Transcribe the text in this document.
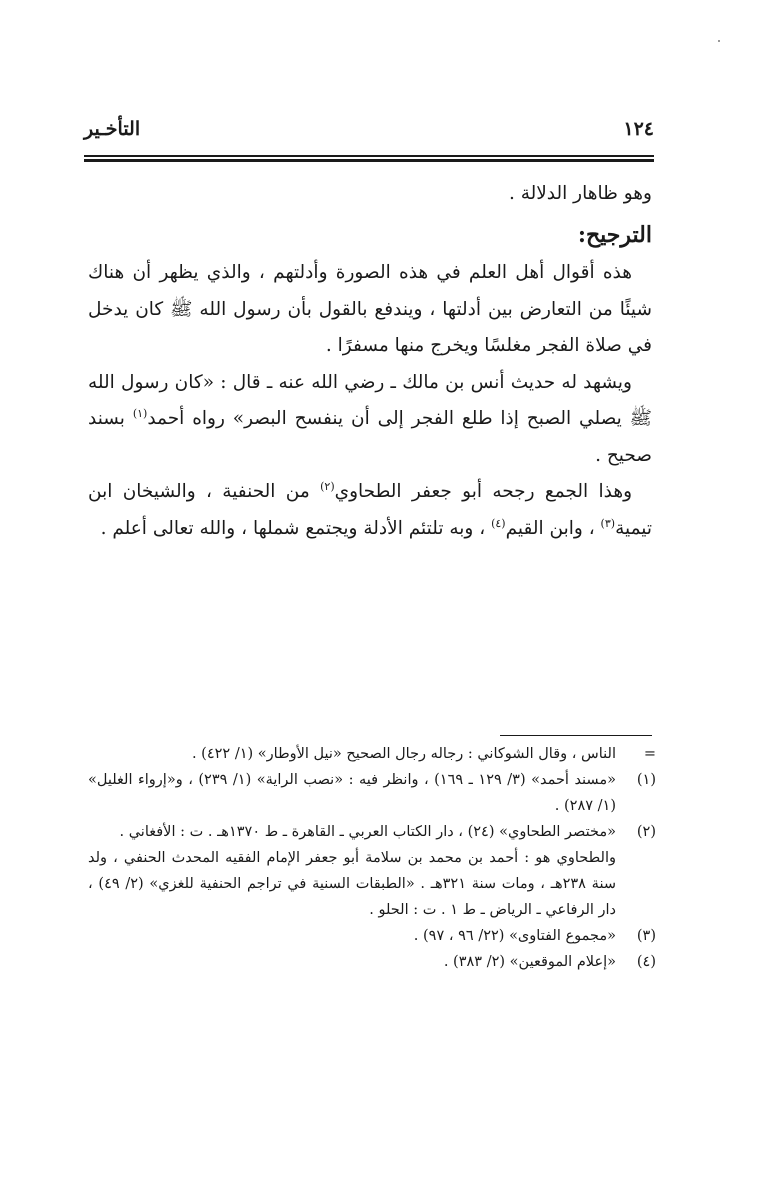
١٢٤
التأخـير

وهو ظاهار الدلالة .

الترجيح:

هذه أقوال أهل العلم في هذه الصورة وأدلتهم ، والذي يظهر أن هناك شيئًا من التعارض بين أدلتها ، ويندفع بالقول بأن رسول الله ﷺ كان يدخل في صلاة الفجر مغلسًا ويخرج منها مسفرًا .

ويشهد له حديث أنس بن مالك ـ رضي الله عنه ـ قال : «كان رسول الله ﷺ يصلي الصبح إذا طلع الفجر إلى أن ينفسح البصر» رواه أحمد$^{(١)}$ بسند صحيح .

وهذا الجمع رجحه أبو جعفر الطحاوي$^{(٢)}$ من الحنفية ، والشيخان ابن تيمية$^{(٣)}$ ، وابن القيم$^{(٤)}$ ، وبه تلتئم الأدلة ويجتمع شملها ، والله تعالى أعلم .

=
الناس ، وقال الشوكاني : رجاله رجال الصحيح «نيل الأوطار» (١/ ٤٢٢) .
(١)
«مسند أحمد» (٣/ ١٢٩ ـ ١٦٩) ، وانظر فيه : «نصب الراية» (١/ ٢٣٩) ، و«إرواء الغليل» (١/ ٢٨٧) .
(٢)
«مختصر الطحاوي» (٢٤) ، دار الكتاب العربي ـ القاهرة ـ ط ١٣٧٠هـ . ت : الأفغاني .
والطحاوي هو : أحمد بن محمد بن سلامة أبو جعفر الإمام الفقيه المحدث الحنفي ، ولد سنة ٢٣٨هـ ، ومات سنة ٣٢١هـ . «الطبقات السنية في تراجم الحنفية للغزي» (٢/ ٤٩) ، دار الرفاعي ـ الرياض ـ ط ١ . ت : الحلو .
(٣)
«مجموع الفتاوى» (٢٢/ ٩٦ ، ٩٧) .
(٤)
«إعلام الموقعين» (٢/ ٣٨٣) .
